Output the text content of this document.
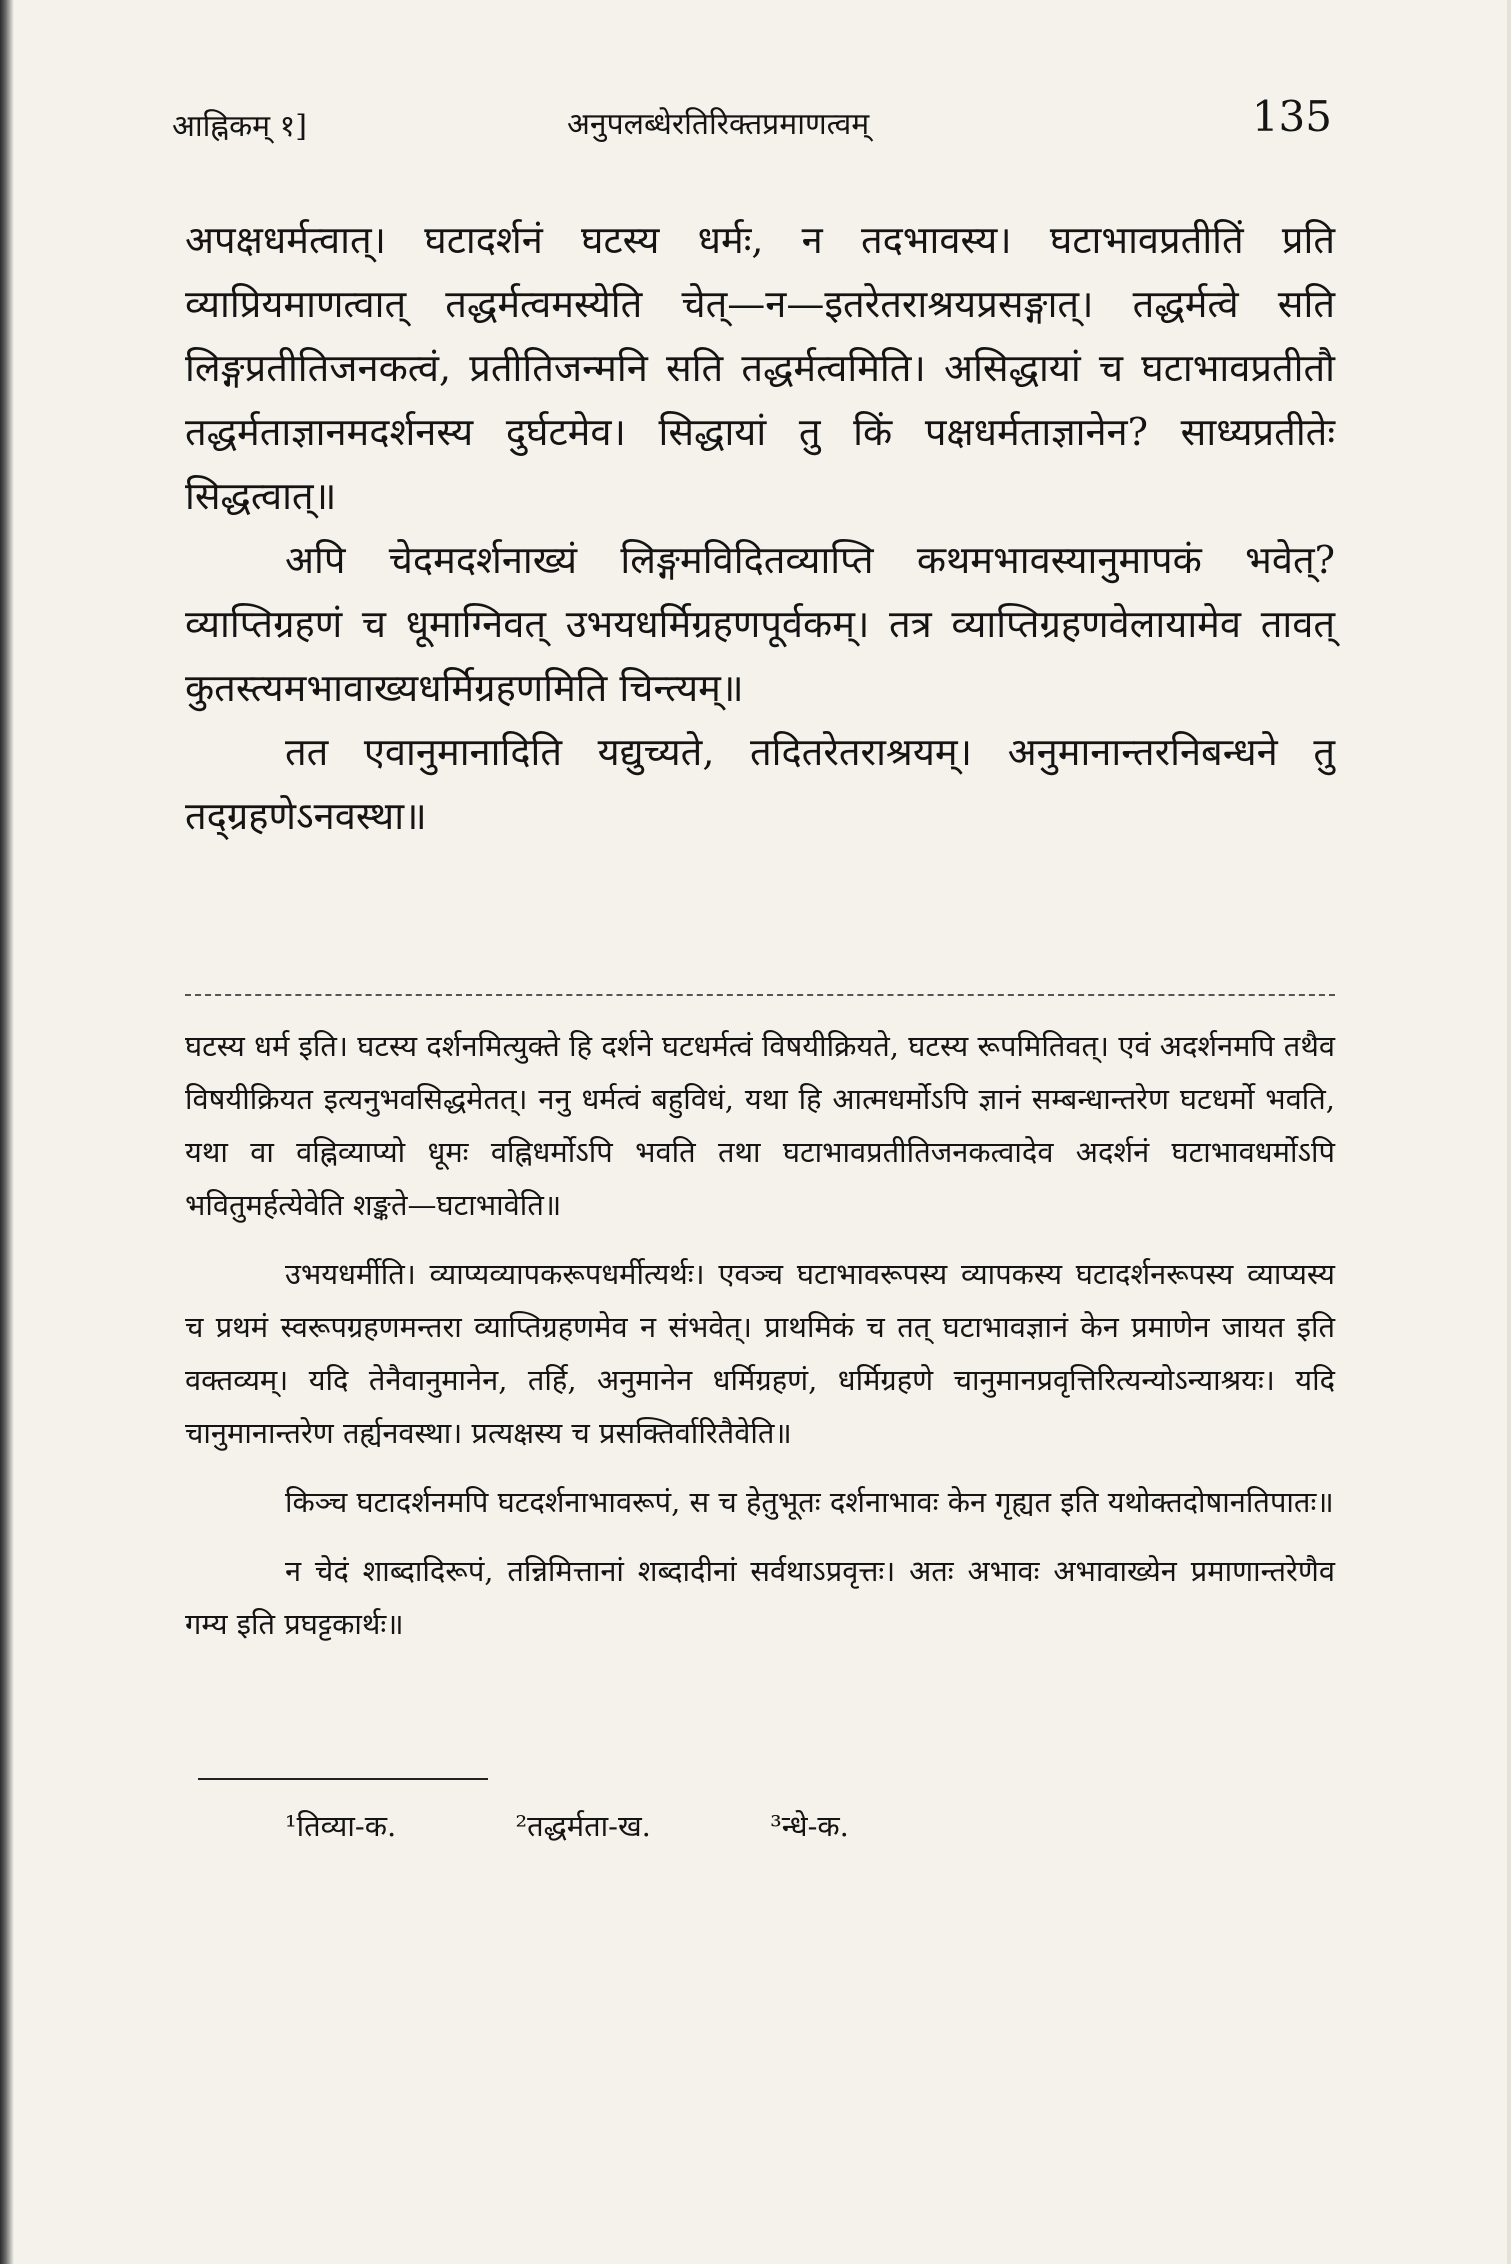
आह्निकम् १]	अनुपलब्धेरतिरिक्तप्रमाणत्वम्	135

अपक्षधर्मत्वात्। घटादर्शनं घटस्य धर्मः, न तदभावस्य। घटाभावप्रतीतिं प्रति व्याप्रियमाणत्वात् तद्धर्मत्वमस्येति चेत्—न—इतरेतराश्रयप्रसङ्गात्। तद्धर्मत्वे सति लिङ्गप्रतीतिजनकत्वं, प्रतीतिजन्मनि सति तद्धर्मत्वमिति। असिद्धायां च घटाभावप्रतीतौ तद्धर्मताज्ञानमदर्शनस्य दुर्घटमेव। सिद्धायां तु किं पक्षधर्मताज्ञानेन? साध्यप्रतीतेः सिद्धत्वात्॥

अपि चेदमदर्शनाख्यं लिङ्गमविदितव्याप्ति कथमभावस्यानुमापकं भवेत्? व्याप्तिग्रहणं च धूमाग्निवत् उभयधर्मिग्रहणपूर्वकम्। तत्र व्याप्तिग्रहणवेलायामेव तावत् कुतस्त्यमभावाख्यधर्मिग्रहणमिति चिन्त्यम्॥

तत एवानुमानादिति यद्युच्यते, तदितरेतराश्रयम्। अनुमानान्तरनिबन्धने तु तद्ग्रहणेऽनवस्था॥

घटस्य धर्म इति। घटस्य दर्शनमित्युक्ते हि दर्शने घटधर्मत्वं विषयीक्रियते, घटस्य रूपमितिवत्। एवं अदर्शनमपि तथैव विषयीक्रियत इत्यनुभवसिद्धमेतत्। ननु धर्मत्वं बहुविधं, यथा हि आत्मधर्मोऽपि ज्ञानं सम्बन्धान्तरेण घटधर्मो भवति, यथा वा वह्निव्याप्यो धूमः वह्निधर्मोऽपि भवति तथा घटाभावप्रतीतिजनकत्वादेव अदर्शनं घटाभावधर्मोऽपि भवितुमर्हत्येवेति शङ्कते—घटाभावेति॥

उभयधर्मीति। व्याप्यव्यापकरूपधर्मीत्यर्थः। एवञ्च घटाभावरूपस्य व्यापकस्य घटादर्शनरूपस्य व्याप्यस्य च प्रथमं स्वरूपग्रहणमन्तरा व्याप्तिग्रहणमेव न संभवेत्। प्राथमिकं च तत् घटाभावज्ञानं केन प्रमाणेन जायत इति वक्तव्यम्। यदि तेनैवानुमानेन, तर्हि, अनुमानेन धर्मिग्रहणं, धर्मिग्रहणे चानुमानप्रवृत्तिरित्यन्योऽन्याश्रयः। यदि चानुमानान्तरेण तर्ह्यनवस्था। प्रत्यक्षस्य च प्रसक्तिर्वारितैवेति॥

किञ्च घटादर्शनमपि घटदर्शनाभावरूपं, स च हेतुभूतः दर्शनाभावः केन गृह्यत इति यथोक्तदोषानतिपातः॥

न चेदं शाब्दादिरूपं, तन्निमित्तानां शब्दादीनां सर्वथाऽप्रवृत्तः। अतः अभावः अभावाख्येन प्रमाणान्तरेणैव गम्य इति प्रघट्टकार्थः॥

¹तिव्या-क.	²तद्धर्मता-ख.	³न्धे-क.
